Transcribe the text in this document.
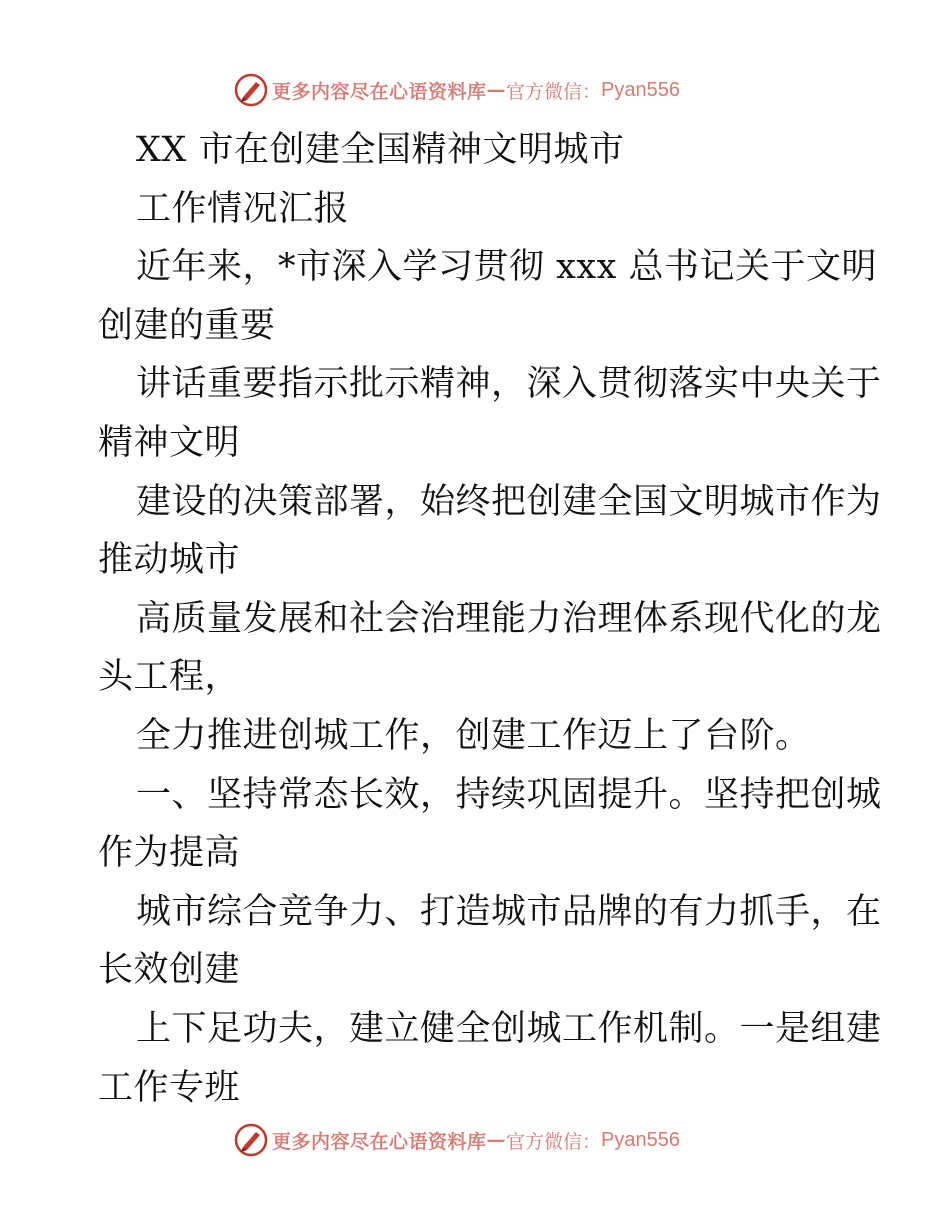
更多内容尽在心语资料库 — 官方微信： Pyan556
XX 市在创建全国精神文明城市
工作情况汇报
近年来，*市深入学习贯彻 xxx 总书记关于文明
创建的重要
讲话重要指示批示精神，深入贯彻落实中央关于
精神文明
建设的决策部署，始终把创建全国文明城市作为
推动城市
高质量发展和社会治理能力治理体系现代化的龙
头工程，
全力推进创城工作，创建工作迈上了台阶。
一、坚持常态长效，持续巩固提升。坚持把创城
作为提高
城市综合竞争力、打造城市品牌的有力抓手，在
长效创建
上下足功夫，建立健全创城工作机制。一是组建
工作专班
更多内容尽在心语资料库 — 官方微信： Pyan556
